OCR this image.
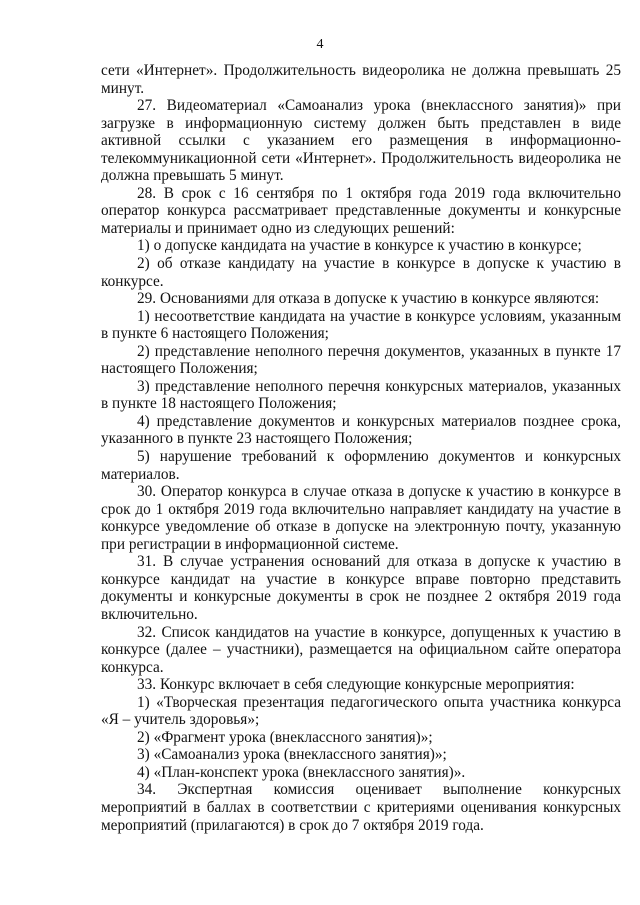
4

сети «Интернет». Продолжительность видеоролика не должна превышать 25 минут.

27. Видеоматериал «Самоанализ урока (внеклассного занятия)» при загрузке в информационную систему должен быть представлен в виде активной ссылки с указанием его размещения в информационно-телекоммуникационной сети «Интернет». Продолжительность видеоролика не должна превышать 5 минут.

28. В срок с 16 сентября по 1 октября года 2019 года включительно оператор конкурса рассматривает представленные документы и конкурсные материалы и принимает одно из следующих решений:

1) о допуске кандидата на участие в конкурсе к участию в конкурсе;

2) об отказе кандидату на участие в конкурсе в допуске к участию в конкурсе.

29. Основаниями для отказа в допуске к участию в конкурсе являются:

1) несоответствие кандидата на участие в конкурсе условиям, указанным в пункте 6 настоящего Положения;

2) представление неполного перечня документов, указанных в пункте 17 настоящего Положения;

3) представление неполного перечня конкурсных материалов, указанных в пункте 18 настоящего Положения;

4) представление документов и конкурсных материалов позднее срока, указанного в пункте 23 настоящего Положения;

5) нарушение требований к оформлению документов и конкурсных материалов.

30. Оператор конкурса в случае отказа в допуске к участию в конкурсе в срок до 1 октября 2019 года включительно направляет кандидату на участие в конкурсе уведомление об отказе в допуске на электронную почту, указанную при регистрации в информационной системе.

31. В случае устранения оснований для отказа в допуске к участию в конкурсе кандидат на участие в конкурсе вправе повторно представить документы и конкурсные документы в срок не позднее 2 октября 2019 года включительно.

32. Список кандидатов на участие в конкурсе, допущенных к участию в конкурсе (далее – участники), размещается на официальном сайте оператора конкурса.

33. Конкурс включает в себя следующие конкурсные мероприятия:

1) «Творческая презентация педагогического опыта участника конкурса «Я – учитель здоровья»;

2) «Фрагмент урока (внеклассного занятия)»;

3) «Самоанализ урока (внеклассного занятия)»;

4) «План-конспект урока (внеклассного занятия)».

34. Экспертная комиссия оценивает выполнение конкурсных мероприятий в баллах в соответствии с критериями оценивания конкурсных мероприятий (прилагаются) в срок до 7 октября 2019 года.
